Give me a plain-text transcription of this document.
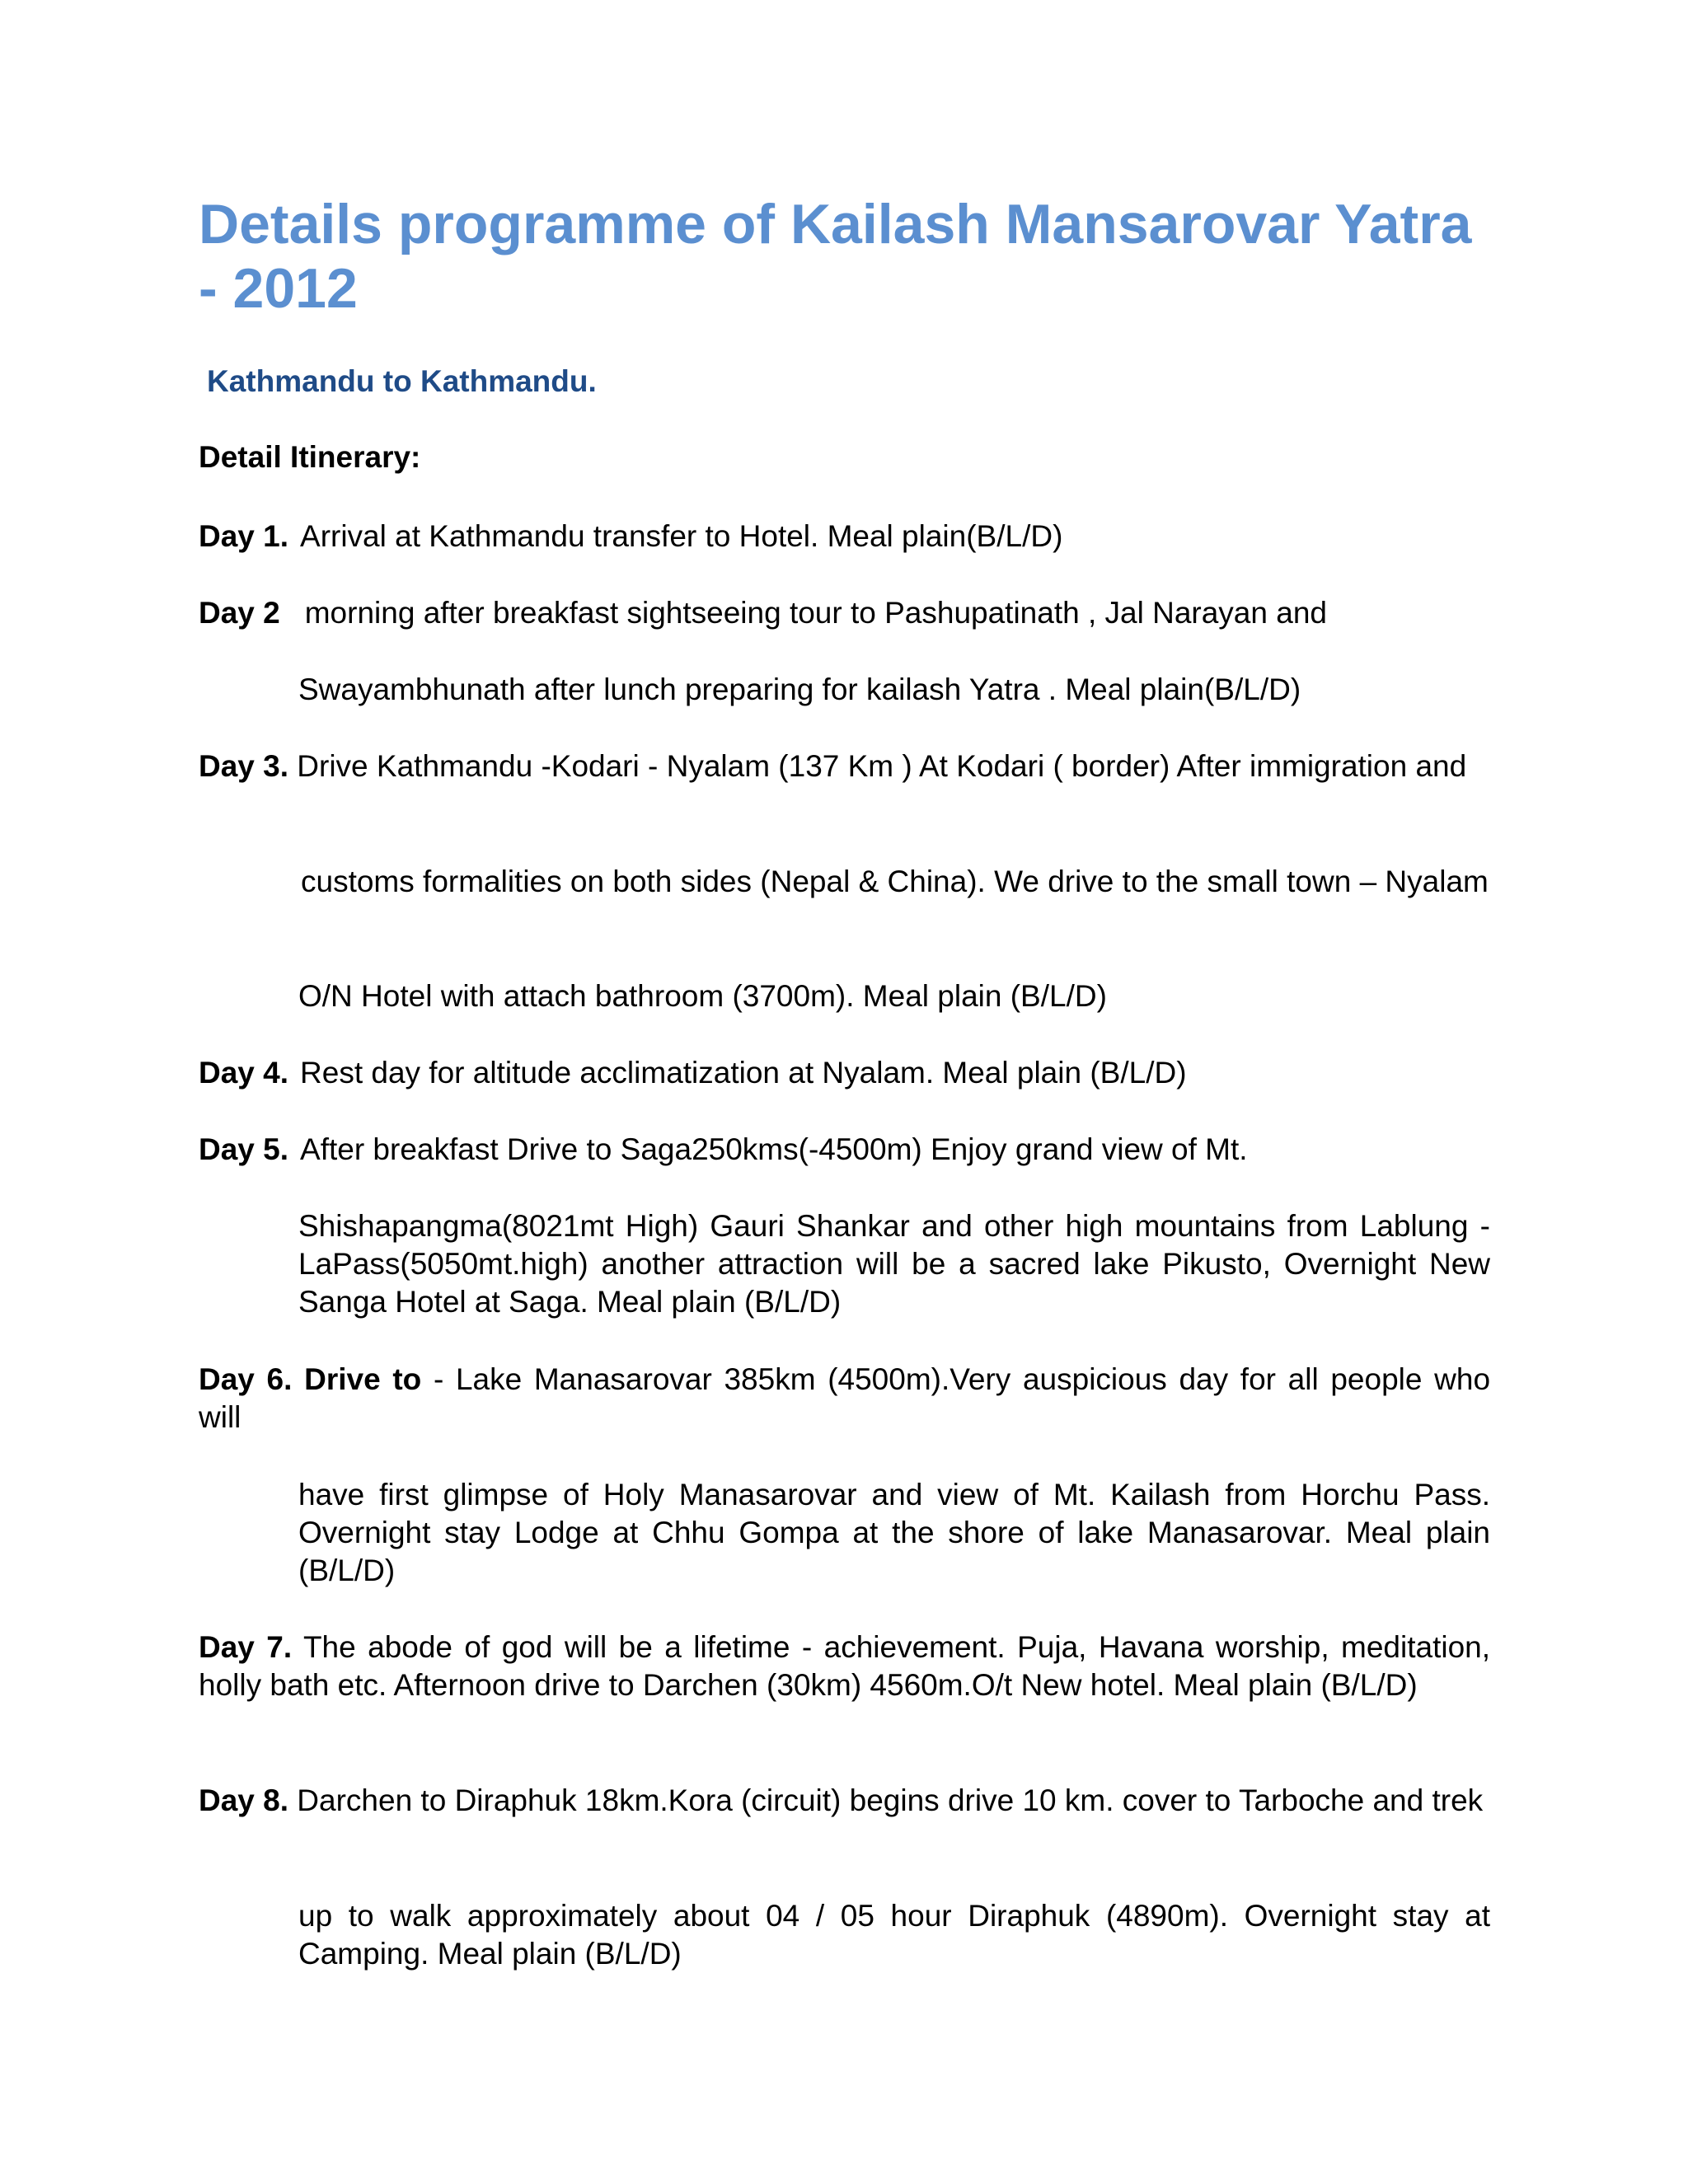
Details programme of Kailash Mansarovar Yatra - 2012
Kathmandu to Kathmandu.
Detail Itinerary:

Day 1. Arrival at Kathmandu transfer to Hotel. Meal plain(B/L/D)

Day 2 morning after breakfast sightseeing tour to Pashupatinath , Jal Narayan and

Swayambhunath after lunch preparing for kailash Yatra . Meal plain(B/L/D)

Day 3. Drive Kathmandu -Kodari - Nyalam (137 Km ) At Kodari ( border) After immigration and

customs formalities on both sides (Nepal & China). We drive to the small town – Nyalam

O/N Hotel with attach bathroom (3700m). Meal plain (B/L/D)

Day 4. Rest day for altitude acclimatization at Nyalam. Meal plain (B/L/D)

Day 5. After breakfast Drive to Saga250kms(-4500m) Enjoy grand view of Mt.

Shishapangma(8021mt High) Gauri Shankar and other high mountains from Lablung -LaPass(5050mt.high) another attraction will be a sacred lake Pikusto, Overnight New Sanga Hotel at Saga. Meal plain (B/L/D)

Day 6. Drive to - Lake Manasarovar 385km (4500m).Very auspicious day for all people who will

have first glimpse of Holy Manasarovar and view of Mt. Kailash from Horchu Pass. Overnight stay Lodge at Chhu Gompa at the shore of lake Manasarovar. Meal plain (B/L/D)

Day 7. The abode of god will be a lifetime - achievement. Puja, Havana worship, meditation, holly bath etc. Afternoon drive to Darchen (30km) 4560m.O/t New hotel. Meal plain (B/L/D)

Day 8. Darchen to Diraphuk 18km.Kora (circuit) begins drive 10 km. cover to Tarboche and trek

up to walk approximately about 04 / 05 hour Diraphuk (4890m). Overnight stay at Camping. Meal plain (B/L/D)
